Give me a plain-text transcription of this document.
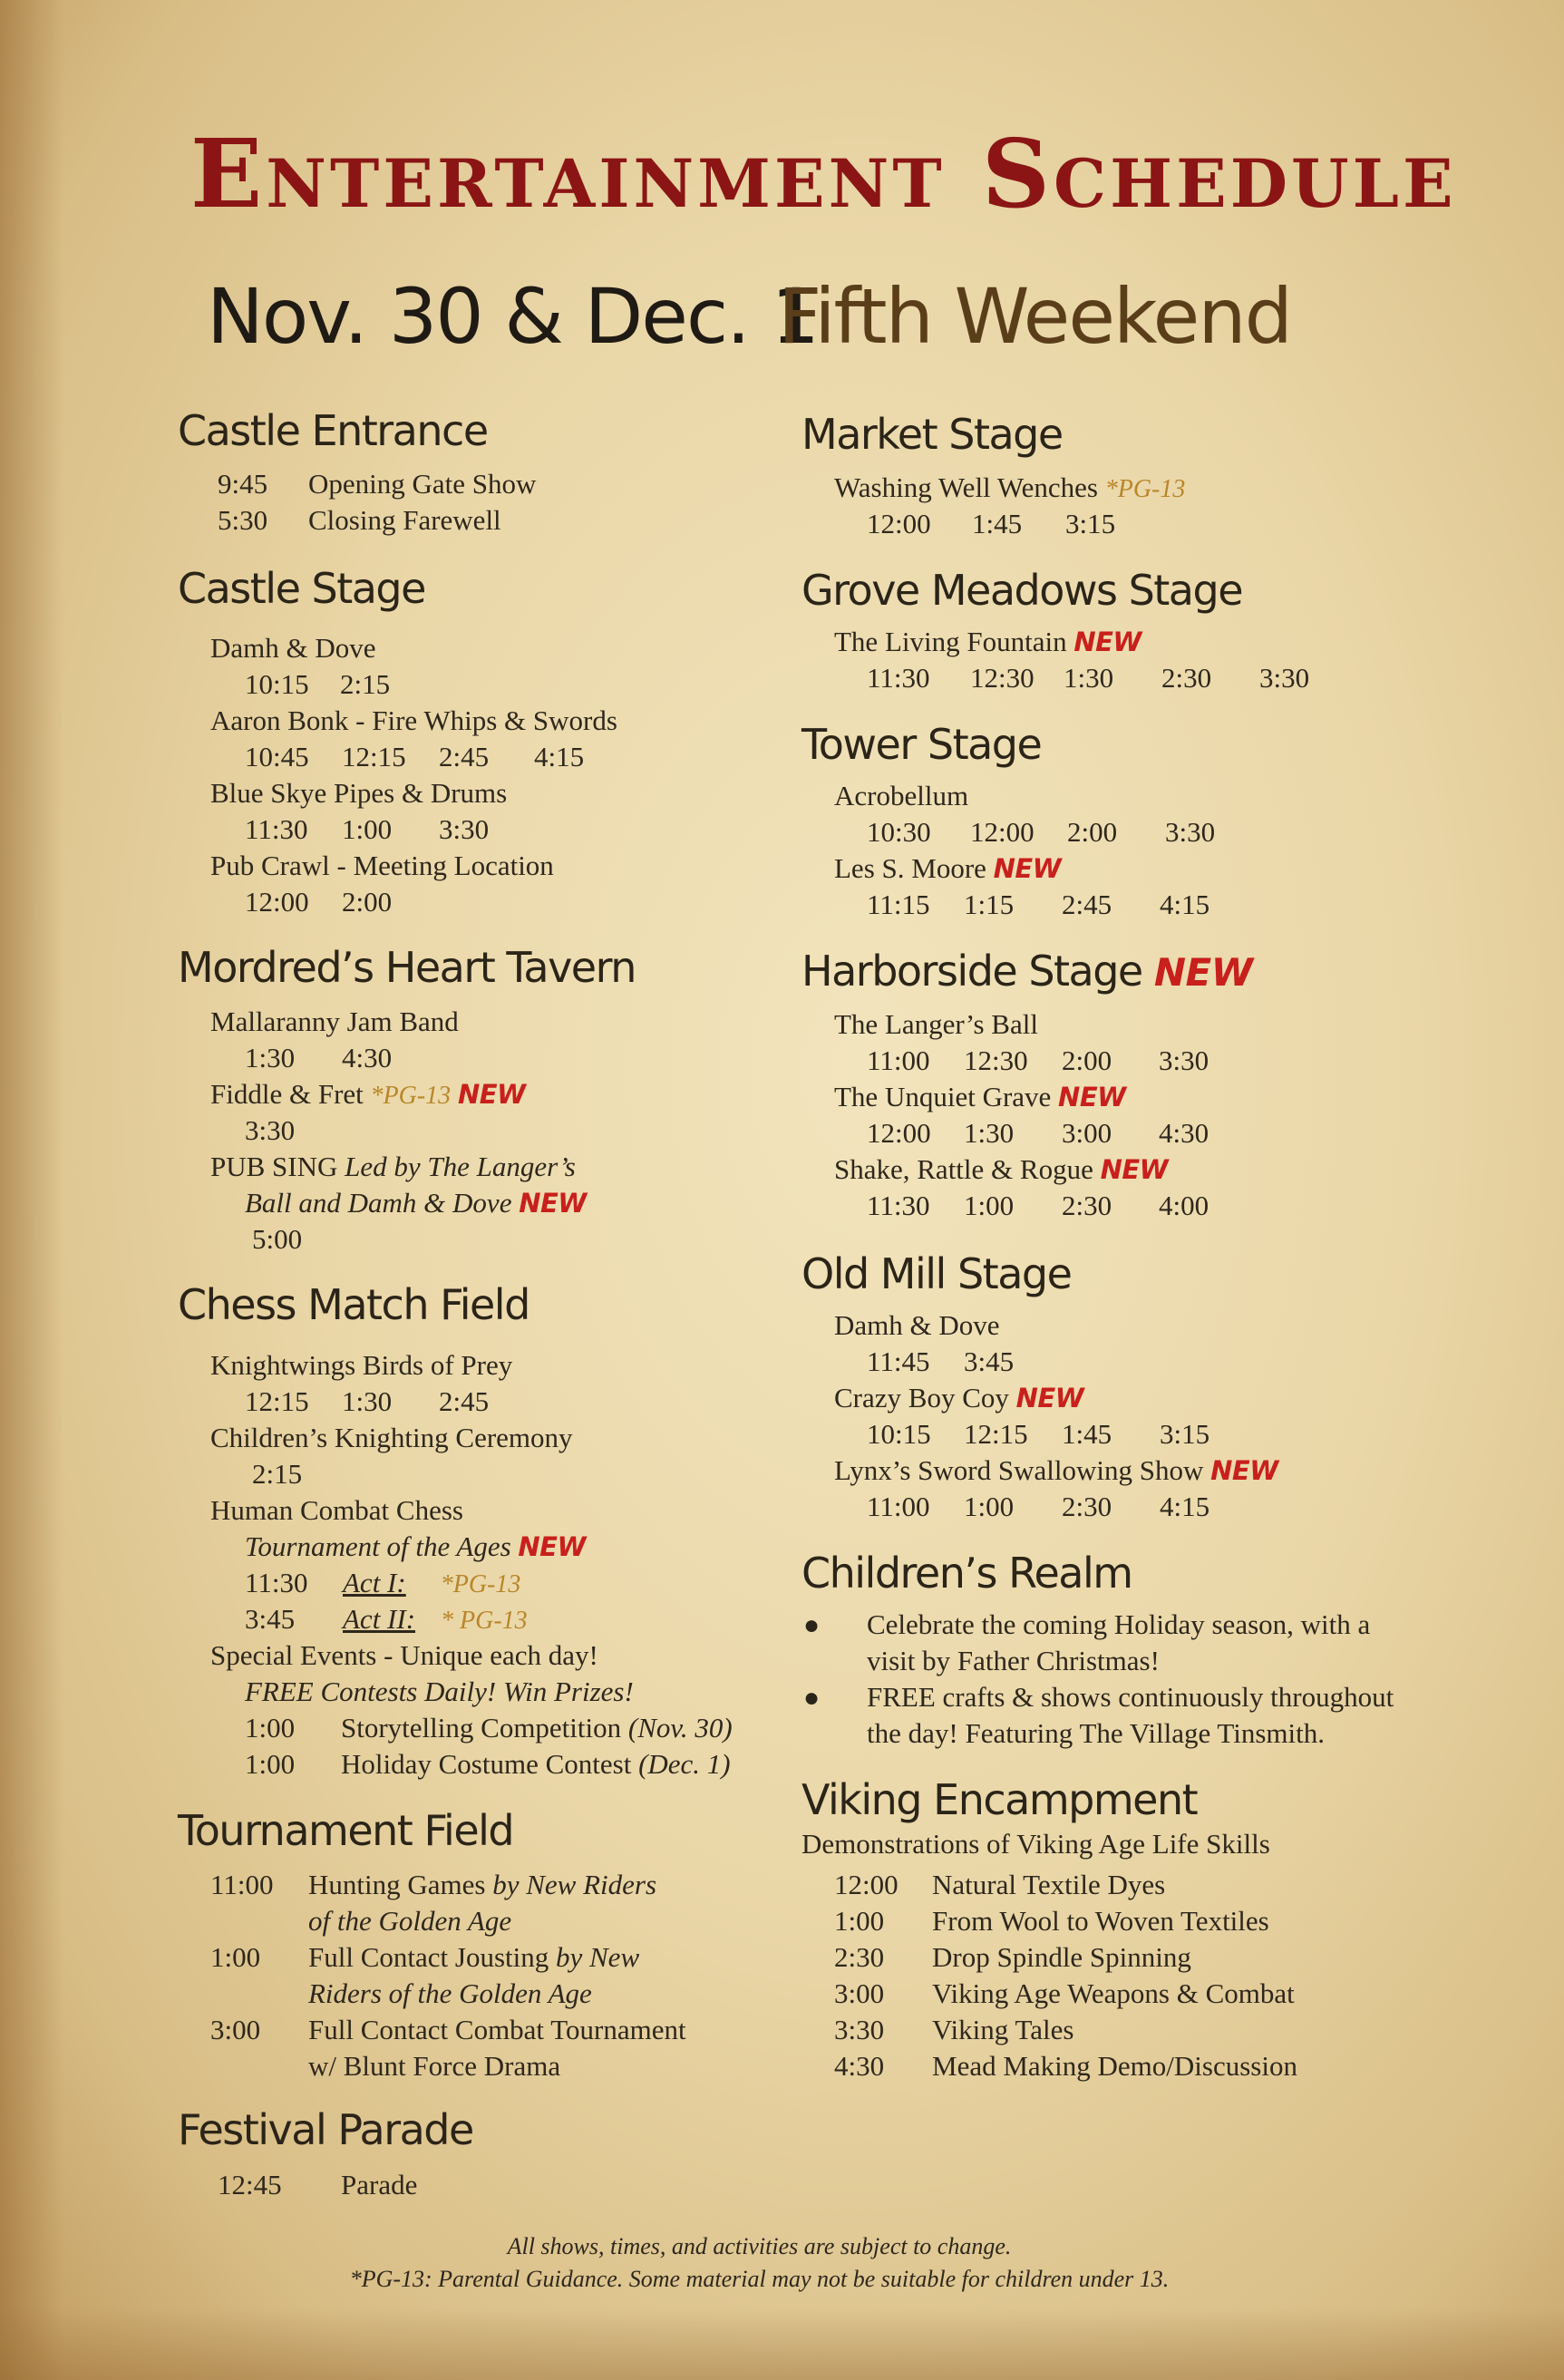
Entertainment Schedule
Nov. 30 & Dec. 1
Fifth Weekend
Castle Entrance
9:45 Opening Gate Show
5:30 Closing Farewell
Castle Stage
Damh & Dove
10:15 2:15
Aaron Bonk - Fire Whips & Swords
10:45 12:15 2:45 4:15
Blue Skye Pipes & Drums
11:30 1:00 3:30
Pub Crawl - Meeting Location
12:00 2:00
Mordred’s Heart Tavern
Mallaranny Jam Band
1:30 4:30
Fiddle & Fret *PG-13 NEW
3:30
PUB SING Led by The Langer’s
Ball and Damh & Dove NEW
5:00
Chess Match Field
Knightwings Birds of Prey
12:15 1:30 2:45
Children’s Knighting Ceremony
2:15
Human Combat Chess
Tournament of the Ages NEW
11:30 Act I: *PG-13
3:45 Act II: * PG-13
Special Events - Unique each day!
FREE Contests Daily! Win Prizes!
1:00 Storytelling Competition (Nov. 30)
1:00 Holiday Costume Contest (Dec. 1)
Tournament Field
11:00 Hunting Games by New Riders
of the Golden Age
1:00 Full Contact Jousting by New
Riders of the Golden Age
3:00 Full Contact Combat Tournament
w/ Blunt Force Drama
Festival Parade
12:45 Parade
Market Stage
Washing Well Wenches *PG-13
12:00 1:45 3:15
Grove Meadows Stage
The Living Fountain NEW
11:30 12:30 1:30 2:30 3:30
Tower Stage
Acrobellum
10:30 12:00 2:00 3:30
Les S. Moore NEW
11:15 1:15 2:45 4:15
Harborside Stage NEW
The Langer’s Ball
11:00 12:30 2:00 3:30
The Unquiet Grave NEW
12:00 1:30 3:00 4:30
Shake, Rattle & Rogue NEW
11:30 1:00 2:30 4:00
Old Mill Stage
Damh & Dove
11:45 3:45
Crazy Boy Coy NEW
10:15 12:15 1:45 3:15
Lynx’s Sword Swallowing Show NEW
11:00 1:00 2:30 4:15
Children’s Realm
● Celebrate the coming Holiday season, with a
visit by Father Christmas!
● FREE crafts & shows continuously throughout
the day! Featuring The Village Tinsmith.
Viking Encampment
Demonstrations of Viking Age Life Skills
12:00 Natural Textile Dyes
1:00 From Wool to Woven Textiles
2:30 Drop Spindle Spinning
3:00 Viking Age Weapons & Combat
3:30 Viking Tales
4:30 Mead Making Demo/Discussion
All shows, times, and activities are subject to change.
*PG-13: Parental Guidance. Some material may not be suitable for children under 13.
